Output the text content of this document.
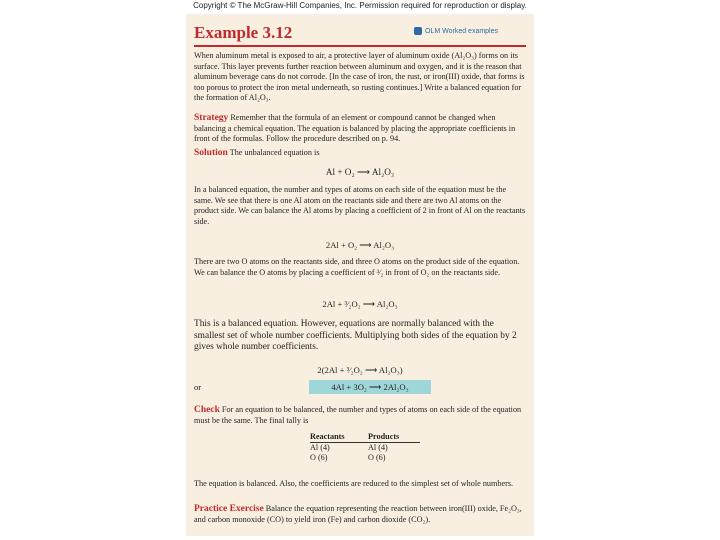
Copyright © The McGraw-Hill Companies, Inc. Permission required for reproduction or display.
Example 3.12	OLM Worked examples

When aluminum metal is exposed to air, a protective layer of aluminum oxide (Al₂O₃) forms on its surface. This layer prevents further reaction between aluminum and oxygen, and it is the reason that aluminum beverage cans do not corrode. [In the case of iron, the rust, or iron(III) oxide, that forms is too porous to protect the iron metal underneath, so rusting continues.] Write a balanced equation for the formation of Al₂O₃.

Strategy Remember that the formula of an element or compound cannot be changed when balancing a chemical equation. The equation is balanced by placing the appropriate coefficients in front of the formulas. Follow the procedure described on p. 94.

Solution The unbalanced equation is

Al + O₂ ⟶ Al₂O₃

In a balanced equation, the number and types of atoms on each side of the equation must be the same. We see that there is one Al atom on the reactants side and there are two Al atoms on the product side. We can balance the Al atoms by placing a coefficient of 2 in front of Al on the reactants side.

2Al + O₂ ⟶ Al₂O₃

There are two O atoms on the reactants side, and three O atoms on the product side of the equation. We can balance the O atoms by placing a coefficient of ³⁄₂ in front of O₂ on the reactants side.

2Al + ³⁄₂O₂ ⟶ Al₂O₃

This is a balanced equation. However, equations are normally balanced with the smallest set of whole number coefficients. Multiplying both sides of the equation by 2 gives whole number coefficients.

2(2Al + ³⁄₂O₂ ⟶ Al₂O₃)
or	4Al + 3O₂ ⟶ 2Al₂O₃

Check For an equation to be balanced, the number and types of atoms on each side of the equation must be the same. The final tally is

Reactants	Products
Al (4)	Al (4)
O (6)	O (6)

The equation is balanced. Also, the coefficients are reduced to the simplest set of whole numbers.

Practice Exercise Balance the equation representing the reaction between iron(III) oxide, Fe₂O₃, and carbon monoxide (CO) to yield iron (Fe) and carbon dioxide (CO₂).
